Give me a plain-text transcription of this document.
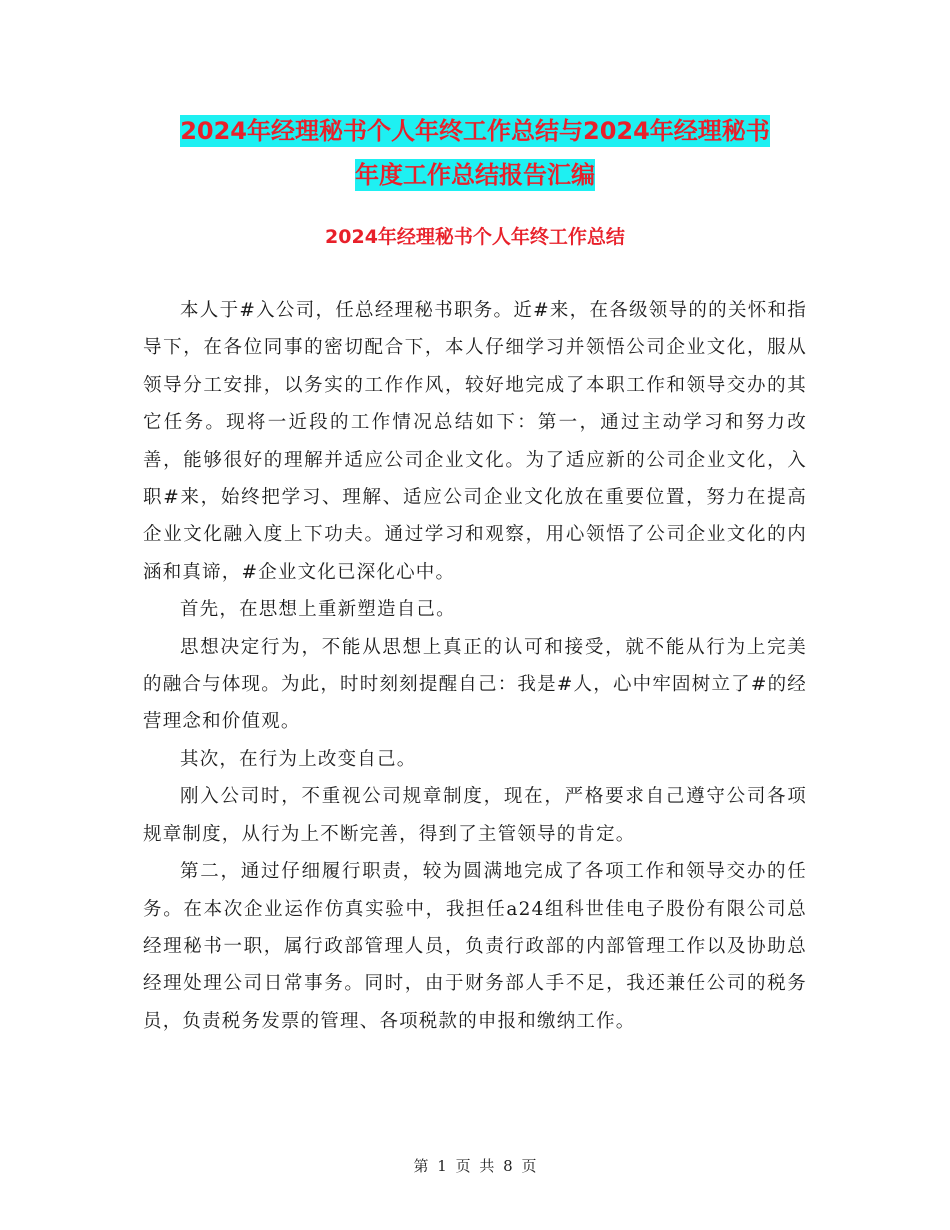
2024年经理秘书个人年终工作总结与2024年经理秘书
年度工作总结报告汇编
2024年经理秘书个人年终工作总结

本人于#入公司，任总经理秘书职务。近#来，在各级领导的的关怀和指导下，在各位同事的密切配合下，本人仔细学习并领悟公司企业文化，服从领导分工安排，以务实的工作作风，较好地完成了本职工作和领导交办的其它任务。现将一近段的工作情况总结如下：第一，通过主动学习和努力改善，能够很好的理解并适应公司企业文化。为了适应新的公司企业文化，入职#来，始终把学习、理解、适应公司企业文化放在重要位置，努力在提高企业文化融入度上下功夫。通过学习和观察，用心领悟了公司企业文化的内涵和真谛，#企业文化已深化心中。

首先，在思想上重新塑造自己。

思想决定行为，不能从思想上真正的认可和接受，就不能从行为上完美的融合与体现。为此，时时刻刻提醒自己：我是#人，心中牢固树立了#的经营理念和价值观。

其次，在行为上改变自己。

刚入公司时，不重视公司规章制度，现在，严格要求自己遵守公司各项规章制度，从行为上不断完善，得到了主管领导的肯定。

第二，通过仔细履行职责，较为圆满地完成了各项工作和领导交办的任务。在本次企业运作仿真实验中，我担任a24组科世佳电子股份有限公司总经理秘书一职，属行政部管理人员，负责行政部的内部管理工作以及协助总经理处理公司日常事务。同时，由于财务部人手不足，我还兼任公司的税务员，负责税务发票的管理、各项税款的申报和缴纳工作。

第 1 页 共 8 页
